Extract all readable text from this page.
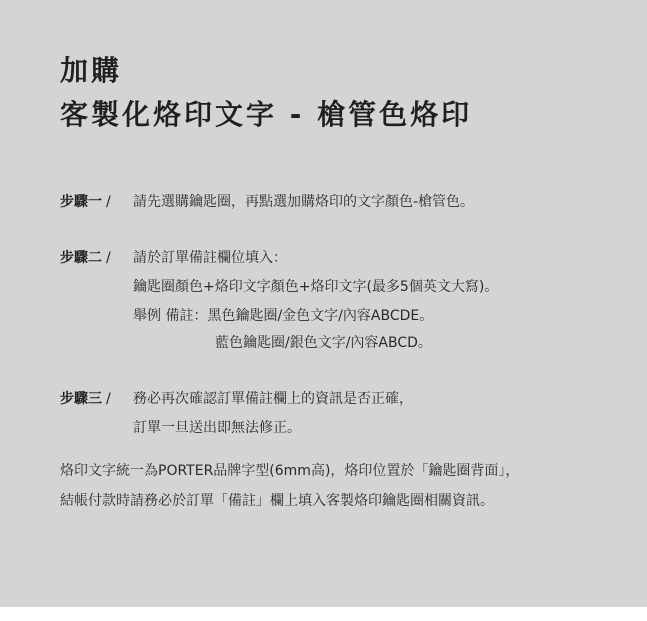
加購
客製化烙印文字 - 槍管色烙印
步驟一 / 請先選購鑰匙圈，再點選加購烙印的文字顏色-槍管色。
步驟二 / 請於訂單備註欄位填入：
鑰匙圈顏色+烙印文字顏色+烙印文字(最多5個英文大寫)。
舉例 備註：黑色鑰匙圈/金色文字/內容ABCDE。
藍色鑰匙圈/銀色文字/內容ABCD。
步驟三 / 務必再次確認訂單備註欄上的資訊是否正確，
訂單一旦送出即無法修正。
烙印文字統一為PORTER品牌字型(6mm高)，烙印位置於「鑰匙圈背面」，
結帳付款時請務必於訂單「備註」欄上填入客製烙印鑰匙圈相關資訊。
